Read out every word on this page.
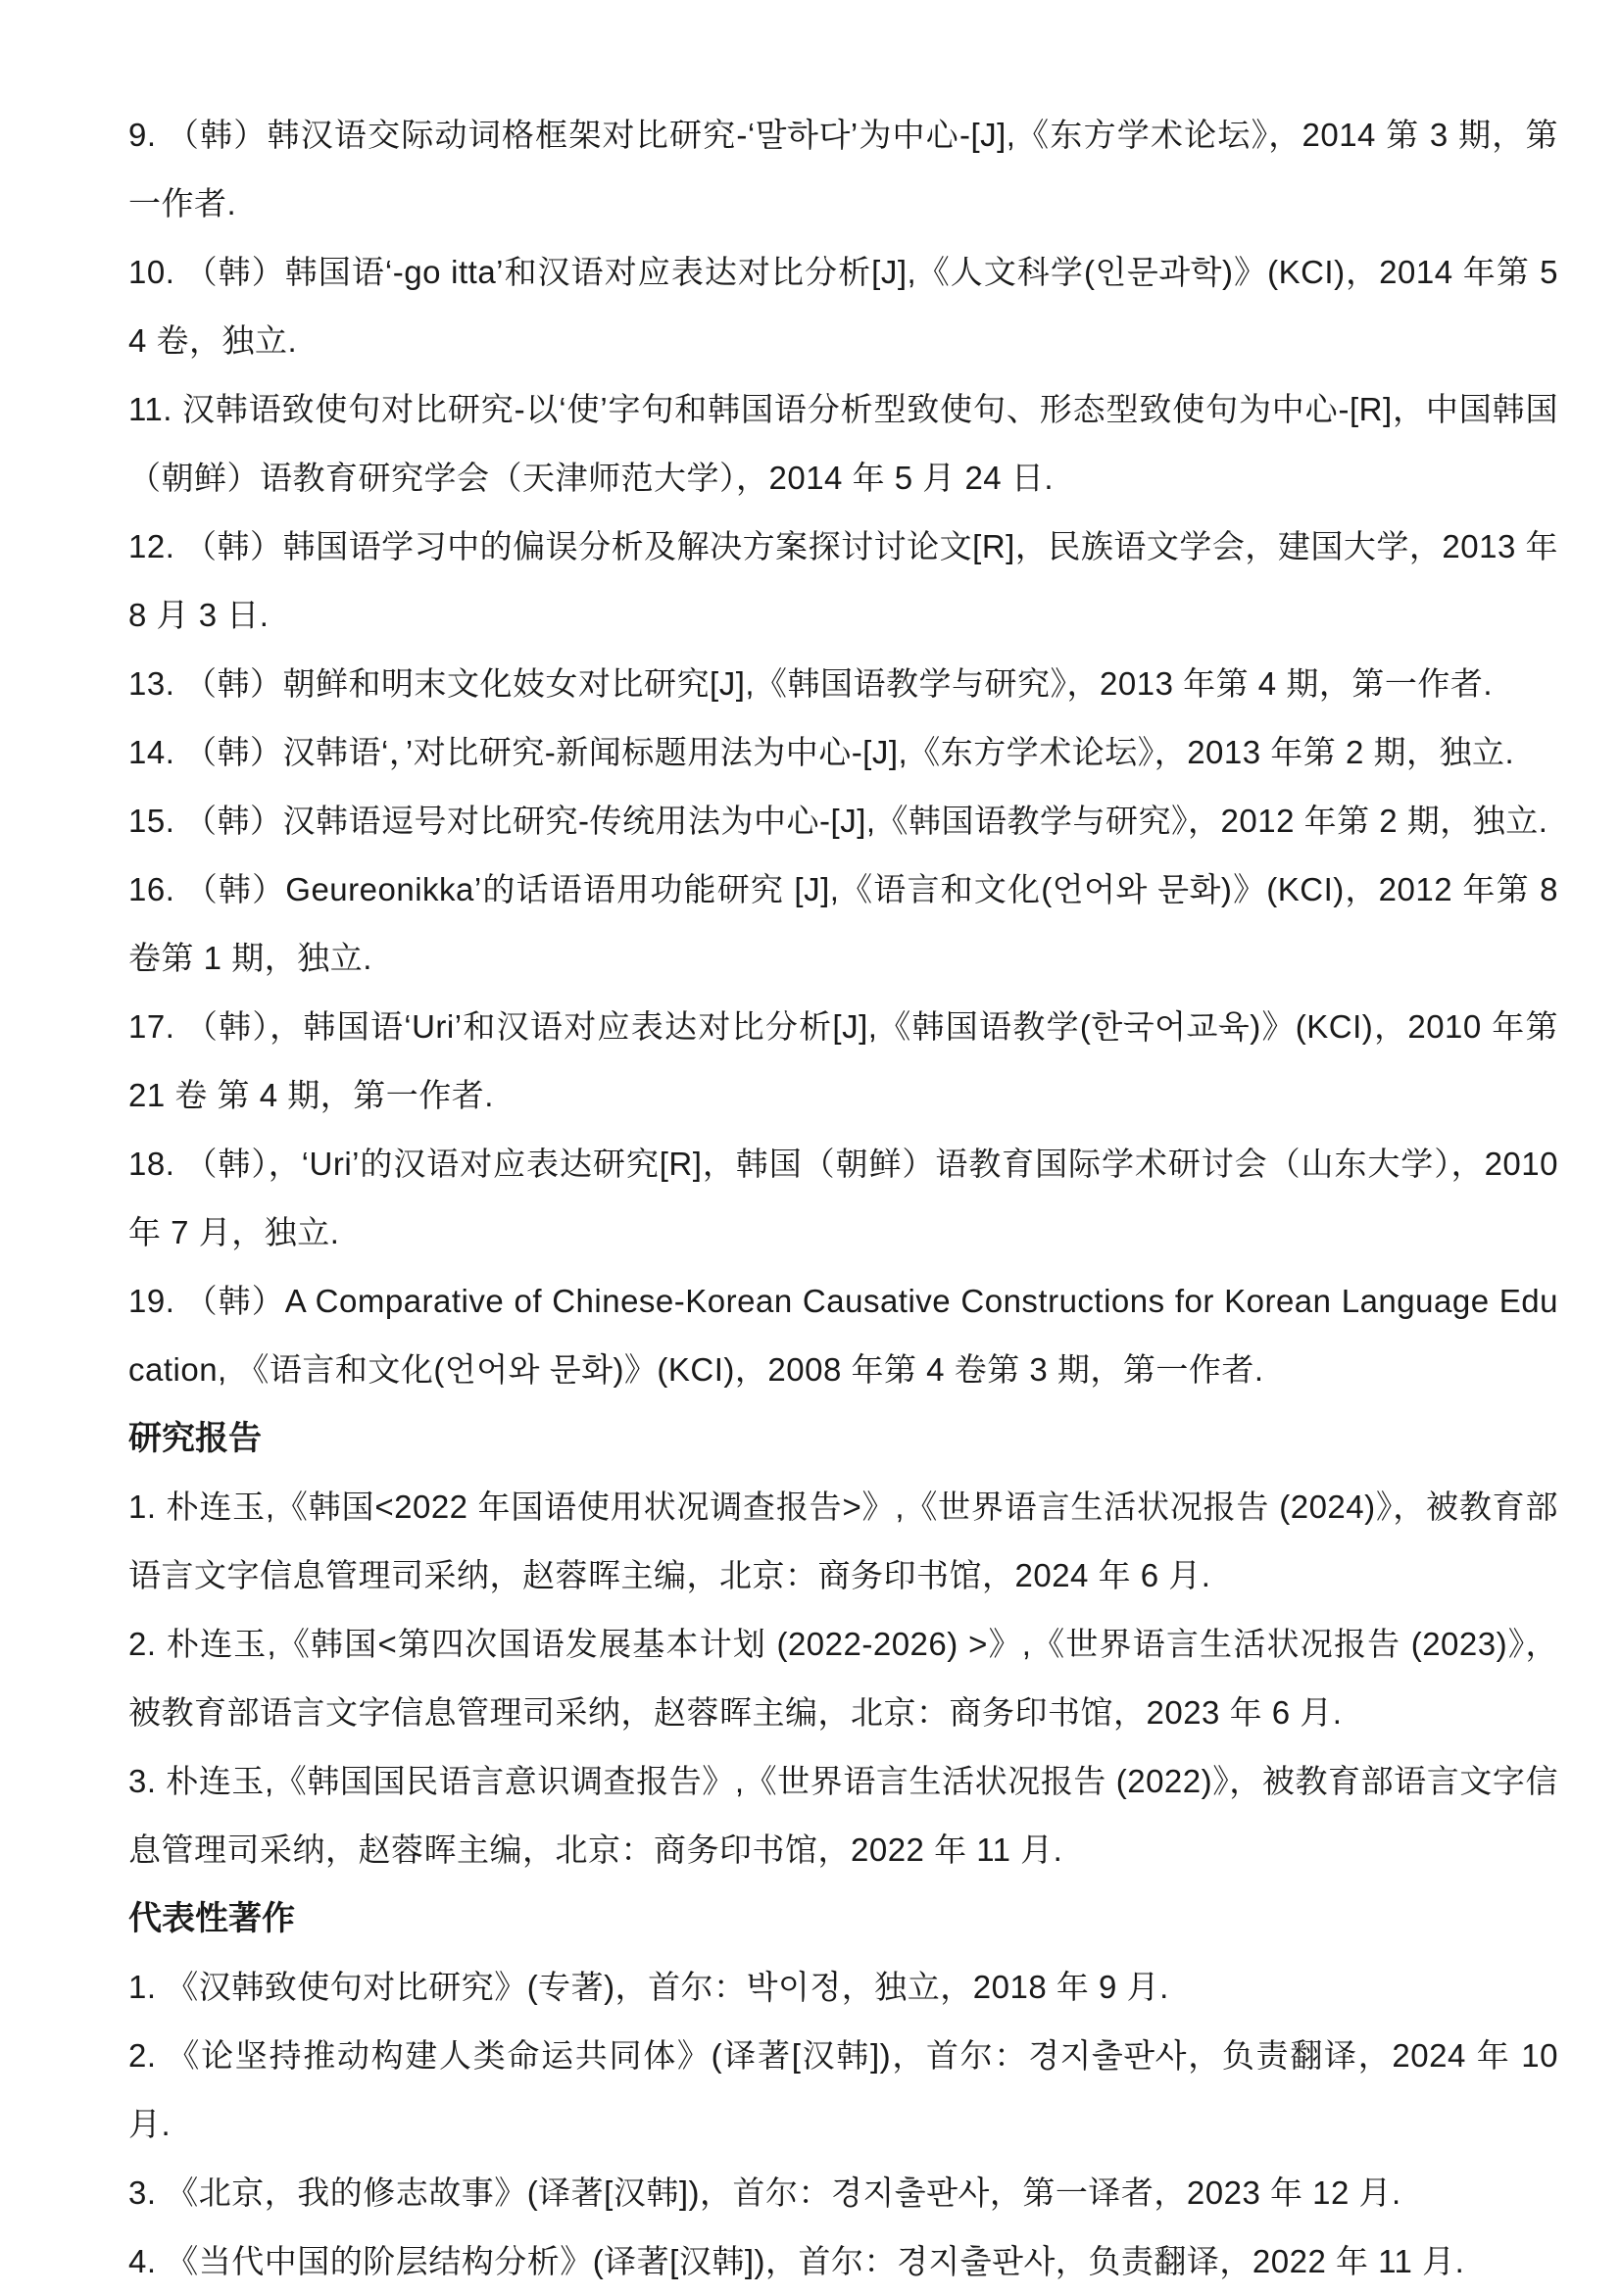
9. （韩）韩汉语交际动词格框架对比研究-‘말하다’为中心-[J],《东方学术论坛》，2014 第 3 期，第一作者.

10. （韩）韩国语‘-go itta’和汉语对应表达对比分析[J],《人文科学(인문과학)》(KCI)，2014 年第 54 卷，独立.

11. 汉韩语致使句对比研究-以‘使’字句和韩国语分析型致使句、形态型致使句为中心-[R]，中国韩国（朝鲜）语教育研究学会（天津师范大学），2014 年 5 月 24 日.

12. （韩）韩国语学习中的偏误分析及解决方案探讨讨论文[R]，民族语文学会，建国大学，2013 年 8 月 3 日.

13. （韩）朝鲜和明末文化妓女对比研究[J],《韩国语教学与研究》，2013 年第 4 期，第一作者.

14. （韩）汉韩语‘，’对比研究-新闻标题用法为中心-[J],《东方学术论坛》，2013 年第 2 期，独立.

15. （韩）汉韩语逗号对比研究-传统用法为中心-[J],《韩国语教学与研究》，2012 年第 2 期，独立.

16. （韩）Geureonikka’的话语语用功能研究 [J],《语言和文化(언어와 문화)》(KCI)，2012 年第 8 卷第 1 期，独立.

17. （韩），韩国语‘Uri’和汉语对应表达对比分析[J],《韩国语教学(한국어교육)》(KCI)，2010 年第 21 卷 第 4 期，第一作者.

18. （韩），‘Uri’的汉语对应表达研究[R]，韩国（朝鲜）语教育国际学术研讨会（山东大学），2010 年 7 月，独立.

19. （韩）A Comparative of Chinese-Korean Causative Constructions for Korean Language Education, 《语言和文化(언어와 문화)》(KCI)，2008 年第 4 卷第 3 期，第一作者.

研究报告

1. 朴连玉,《韩国<2022 年国语使用状况调查报告>》,《世界语言生活状况报告 (2024)》，被教育部语言文字信息管理司采纳，赵蓉晖主编，北京：商务印书馆，2024 年 6 月.

2. 朴连玉,《韩国<第四次国语发展基本计划 (2022-2026) >》,《世界语言生活状况报告 (2023)》，被教育部语言文字信息管理司采纳，赵蓉晖主编，北京：商务印书馆，2023 年 6 月.

3. 朴连玉,《韩国国民语言意识调查报告》,《世界语言生活状况报告 (2022)》，被教育部语言文字信息管理司采纳，赵蓉晖主编，北京：商务印书馆，2022 年 11 月.

代表性著作

1. 《汉韩致使句对比研究》(专著)，首尔：박이정，独立，2018 年 9 月.

2. 《论坚持推动构建人类命运共同体》(译著[汉韩])，首尔：경지출판사，负责翻译，2024 年 10 月.

3. 《北京，我的修志故事》(译著[汉韩])，首尔：경지출판사，第一译者，2023 年 12 月.

4. 《当代中国的阶层结构分析》(译著[汉韩])，首尔：경지출판사，负责翻译，2022 年 11 月.
